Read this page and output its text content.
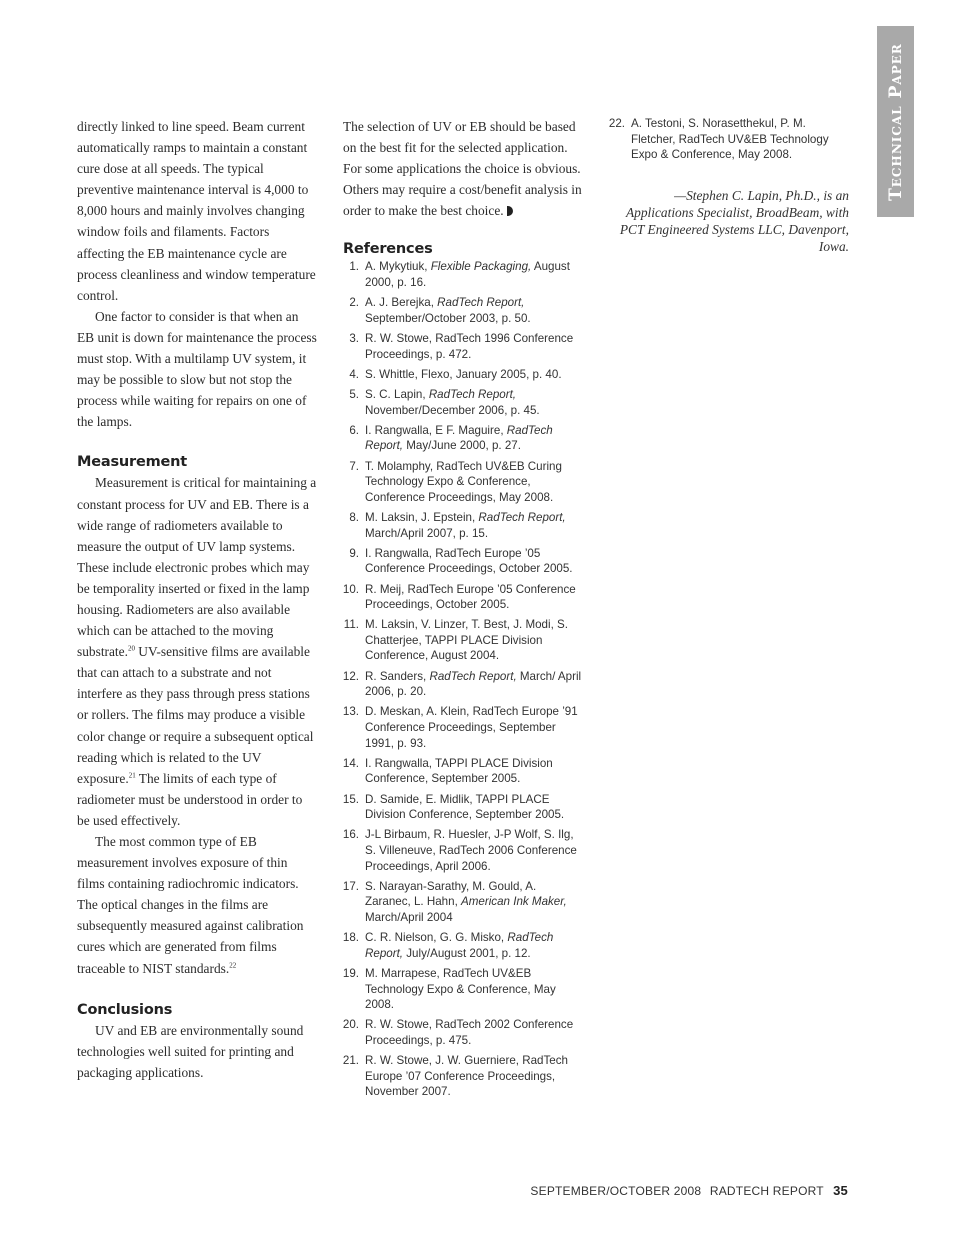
Technical Paper

directly linked to line speed. Beam current automatically ramps to maintain a constant cure dose at all speeds. The typical preventive maintenance interval is 4,000 to 8,000 hours and mainly involves changing window foils and filaments. Factors affecting the EB maintenance cycle are process cleanliness and window temperature control.

One factor to consider is that when an EB unit is down for maintenance the process must stop. With a multilamp UV system, it may be possible to slow but not stop the process while waiting for repairs on one of the lamps.

Measurement

Measurement is critical for maintaining a constant process for UV and EB. There is a wide range of radiometers available to measure the output of UV lamp systems. These include electronic probes which may be temporality inserted or fixed in the lamp housing. Radiometers are also available which can be attached to the moving substrate.$^{20}$ UV-sensitive films are available that can attach to a substrate and not interfere as they pass through press stations or rollers. The films may produce a visible color change or require a subsequent optical reading which is related to the UV exposure.$^{21}$ The limits of each type of radiometer must be understood in order to be used effectively.

The most common type of EB measurement involves exposure of thin films containing radiochromic indicators. The optical changes in the films are subsequently measured against calibration cures which are generated from films traceable to NIST standards.$^{22}$

Conclusions

UV and EB are environmentally sound technologies well suited for printing and packaging applications.

The selection of UV or EB should be based on the best fit for the selected application. For some applications the choice is obvious. Others may require a cost/benefit analysis in order to make the best choice.

References
1. A. Mykytiuk, Flexible Packaging, August 2000, p. 16.
2. A. J. Berejka, RadTech Report, September/October 2003, p. 50.
3. R. W. Stowe, RadTech 1996 Conference Proceedings, p. 472.
4. S. Whittle, Flexo, January 2005, p. 40.
5. S. C. Lapin, RadTech Report, November/December 2006, p. 45.
6. I. Rangwalla, E F. Maguire, RadTech Report, May/June 2000, p. 27.
7. T. Molamphy, RadTech UV&EB Curing Technology Expo & Conference, Conference Proceedings, May 2008.
8. M. Laksin, J. Epstein, RadTech Report, March/April 2007, p. 15.
9. I. Rangwalla, RadTech Europe ’05 Conference Proceedings, October 2005.
10. R. Meij, RadTech Europe ’05 Conference Proceedings, October 2005.
11. M. Laksin, V. Linzer, T. Best, J. Modi, S. Chatterjee, TAPPI PLACE Division Conference, August 2004.
12. R. Sanders, RadTech Report, March/ April 2006, p. 20.
13. D. Meskan, A. Klein, RadTech Europe ’91 Conference Proceedings, September 1991, p. 93.
14. I. Rangwalla, TAPPI PLACE Division Conference, September 2005.
15. D. Samide, E. Midlik, TAPPI PLACE Division Conference, September 2005.
16. J-L Birbaum, R. Huesler, J-P Wolf, S. Ilg, S. Villeneuve, RadTech 2006 Conference Proceedings, April 2006.
17. S. Narayan-Sarathy, M. Gould, A. Zaranec, L. Hahn, American Ink Maker, March/April 2004
18. C. R. Nielson, G. G. Misko, RadTech Report, July/August 2001, p. 12.
19. M. Marrapese, RadTech UV&EB Technology Expo & Conference, May 2008.
20. R. W. Stowe, RadTech 2002 Conference Proceedings, p. 475.
21. R. W. Stowe, J. W. Guerniere, RadTech Europe ’07 Conference Proceedings, November 2007.
22. A. Testoni, S. Norasetthekul, P. M. Fletcher, RadTech UV&EB Technology Expo & Conference, May 2008.

—Stephen C. Lapin, Ph.D., is an Applications Specialist, BroadBeam, with PCT Engineered Systems LLC, Davenport, Iowa.

SEPTEMBER/OCTOBER 2008 RADTECH REPORT 35
